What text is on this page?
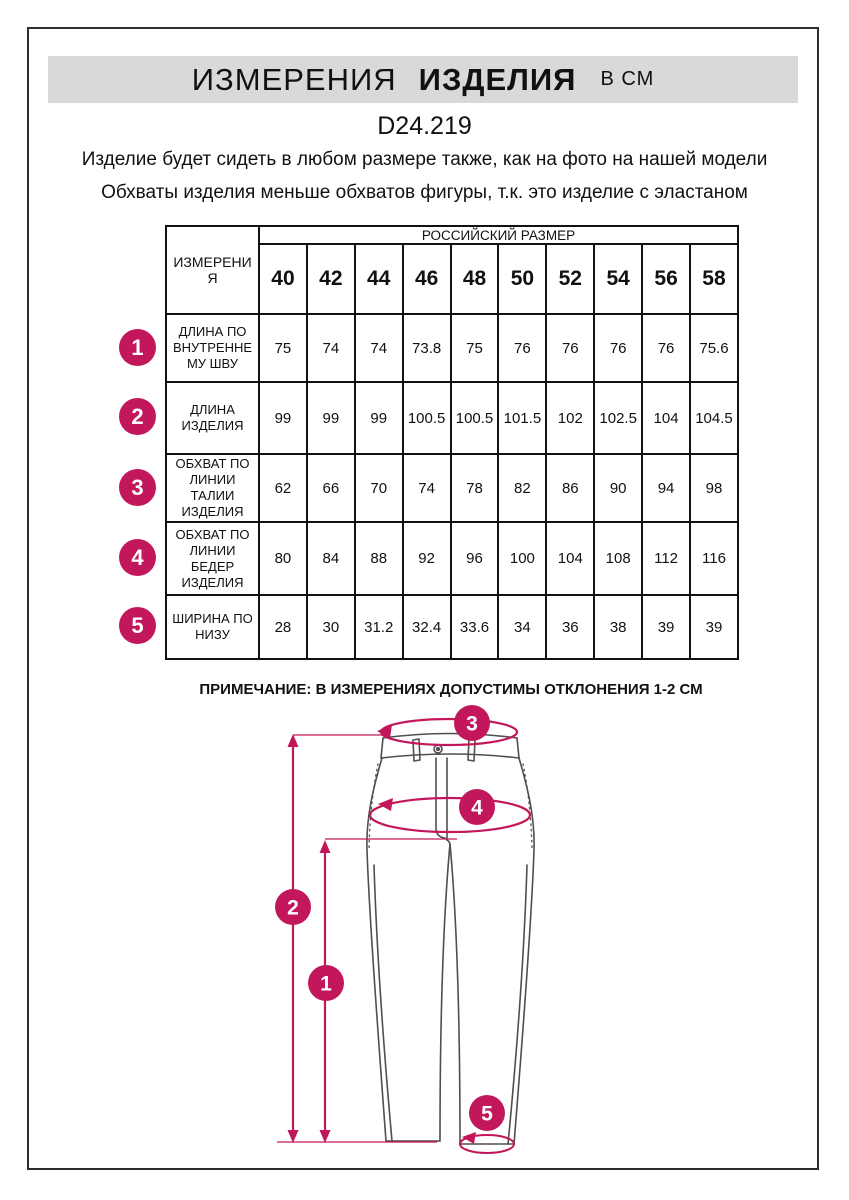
ИЗМЕРЕНИЯ ИЗДЕЛИЯ В СМ
D24.219
Изделие будет сидеть в любом размере также, как на фото на нашей модели
Обхваты изделия меньше обхватов фигуры, т.к. это изделие с эластаном
ИЗМЕРЕНИЯ	РОССИЙСКИЙ РАЗМЕР									
	40	42	44	46	48	50	52	54	56	58
ДЛИНА ПО ВНУТРЕННЕМУ ШВУ	75	74	74	73.8	75	76	76	76	76	75.6
ДЛИНА ИЗДЕЛИЯ	99	99	99	100.5	100.5	101.5	102	102.5	104	104.5
ОБХВАТ ПО ЛИНИИ ТАЛИИ ИЗДЕЛИЯ	62	66	70	74	78	82	86	90	94	98
ОБХВАТ ПО ЛИНИИ БЕДЕР ИЗДЕЛИЯ	80	84	88	92	96	100	104	108	112	116
ШИРИНА ПО НИЗУ	28	30	31.2	32.4	33.6	34	36	38	39	39
1
2
3
4
5
ПРИМЕЧАНИЕ: В ИЗМЕРЕНИЯХ ДОПУСТИМЫ ОТКЛОНЕНИЯ 1-2 СМ
3
4
2
1
5
